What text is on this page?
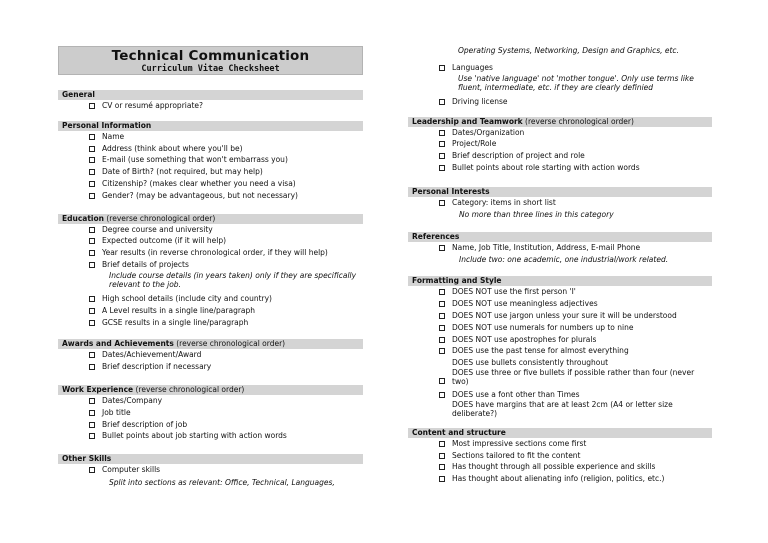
Technical Communication
Curriculum Vitae Checksheet
General
CV or resumé appropriate?
Personal Information
Name
Address (think about where you'll be)
E-mail (use something that won't embarrass you)
Date of Birth? (not required, but may help)
Citizenship? (makes clear whether you need a visa)
Gender? (may be advantageous, but not necessary)
Education (reverse chronological order)
Degree course and university
Expected outcome (if it will help)
Year results (in reverse chronological order, if they will help)
Brief details of projects
Include course details (in years taken) only if they are specifically
relevant to the job.
High school details (include city and country)
A Level results in a single line/paragraph
GCSE results in a single line/paragraph
Awards and Achievements (reverse chronological order)
Dates/Achievement/Award
Brief description if necessary
Work Experience (reverse chronological order)
Dates/Company
Job title
Brief description of job
Bullet points about job starting with action words
Other Skills
Computer skills
Split into sections as relevant: Office, Technical, Languages,
Operating Systems, Networking, Design and Graphics, etc.
Languages
Use 'native language' not 'mother tongue'. Only use terms like
fluent, intermediate, etc. if they are clearly definied
Driving license
Leadership and Teamwork (reverse chronological order)
Dates/Organization
Project/Role
Brief description of project and role
Bullet points about role starting with action words
Personal Interests
Category: items in short list
No more than three lines in this category
References
Name, Job Title, Institution, Address, E-mail Phone
Include two: one academic, one industrial/work related.
Formatting and Style
DOES NOT use the first person 'I'
DOES NOT use meaningless adjectives
DOES NOT use jargon unless your sure it will be understood
DOES NOT use numerals for numbers up to nine
DOES NOT use apostrophes for plurals
DOES use the past tense for almost everything
DOES use bullets consistently throughout
DOES use three or five bullets if possible rather than four (never
two)
DOES use a font other than Times
DOES have margins that are at least 2cm (A4 or letter size
deliberate?)
Content and structure
Most impressive sections come first
Sections tailored to fit the content
Has thought through all possible experience and skills
Has thought about alienating info (religion, politics, etc.)
